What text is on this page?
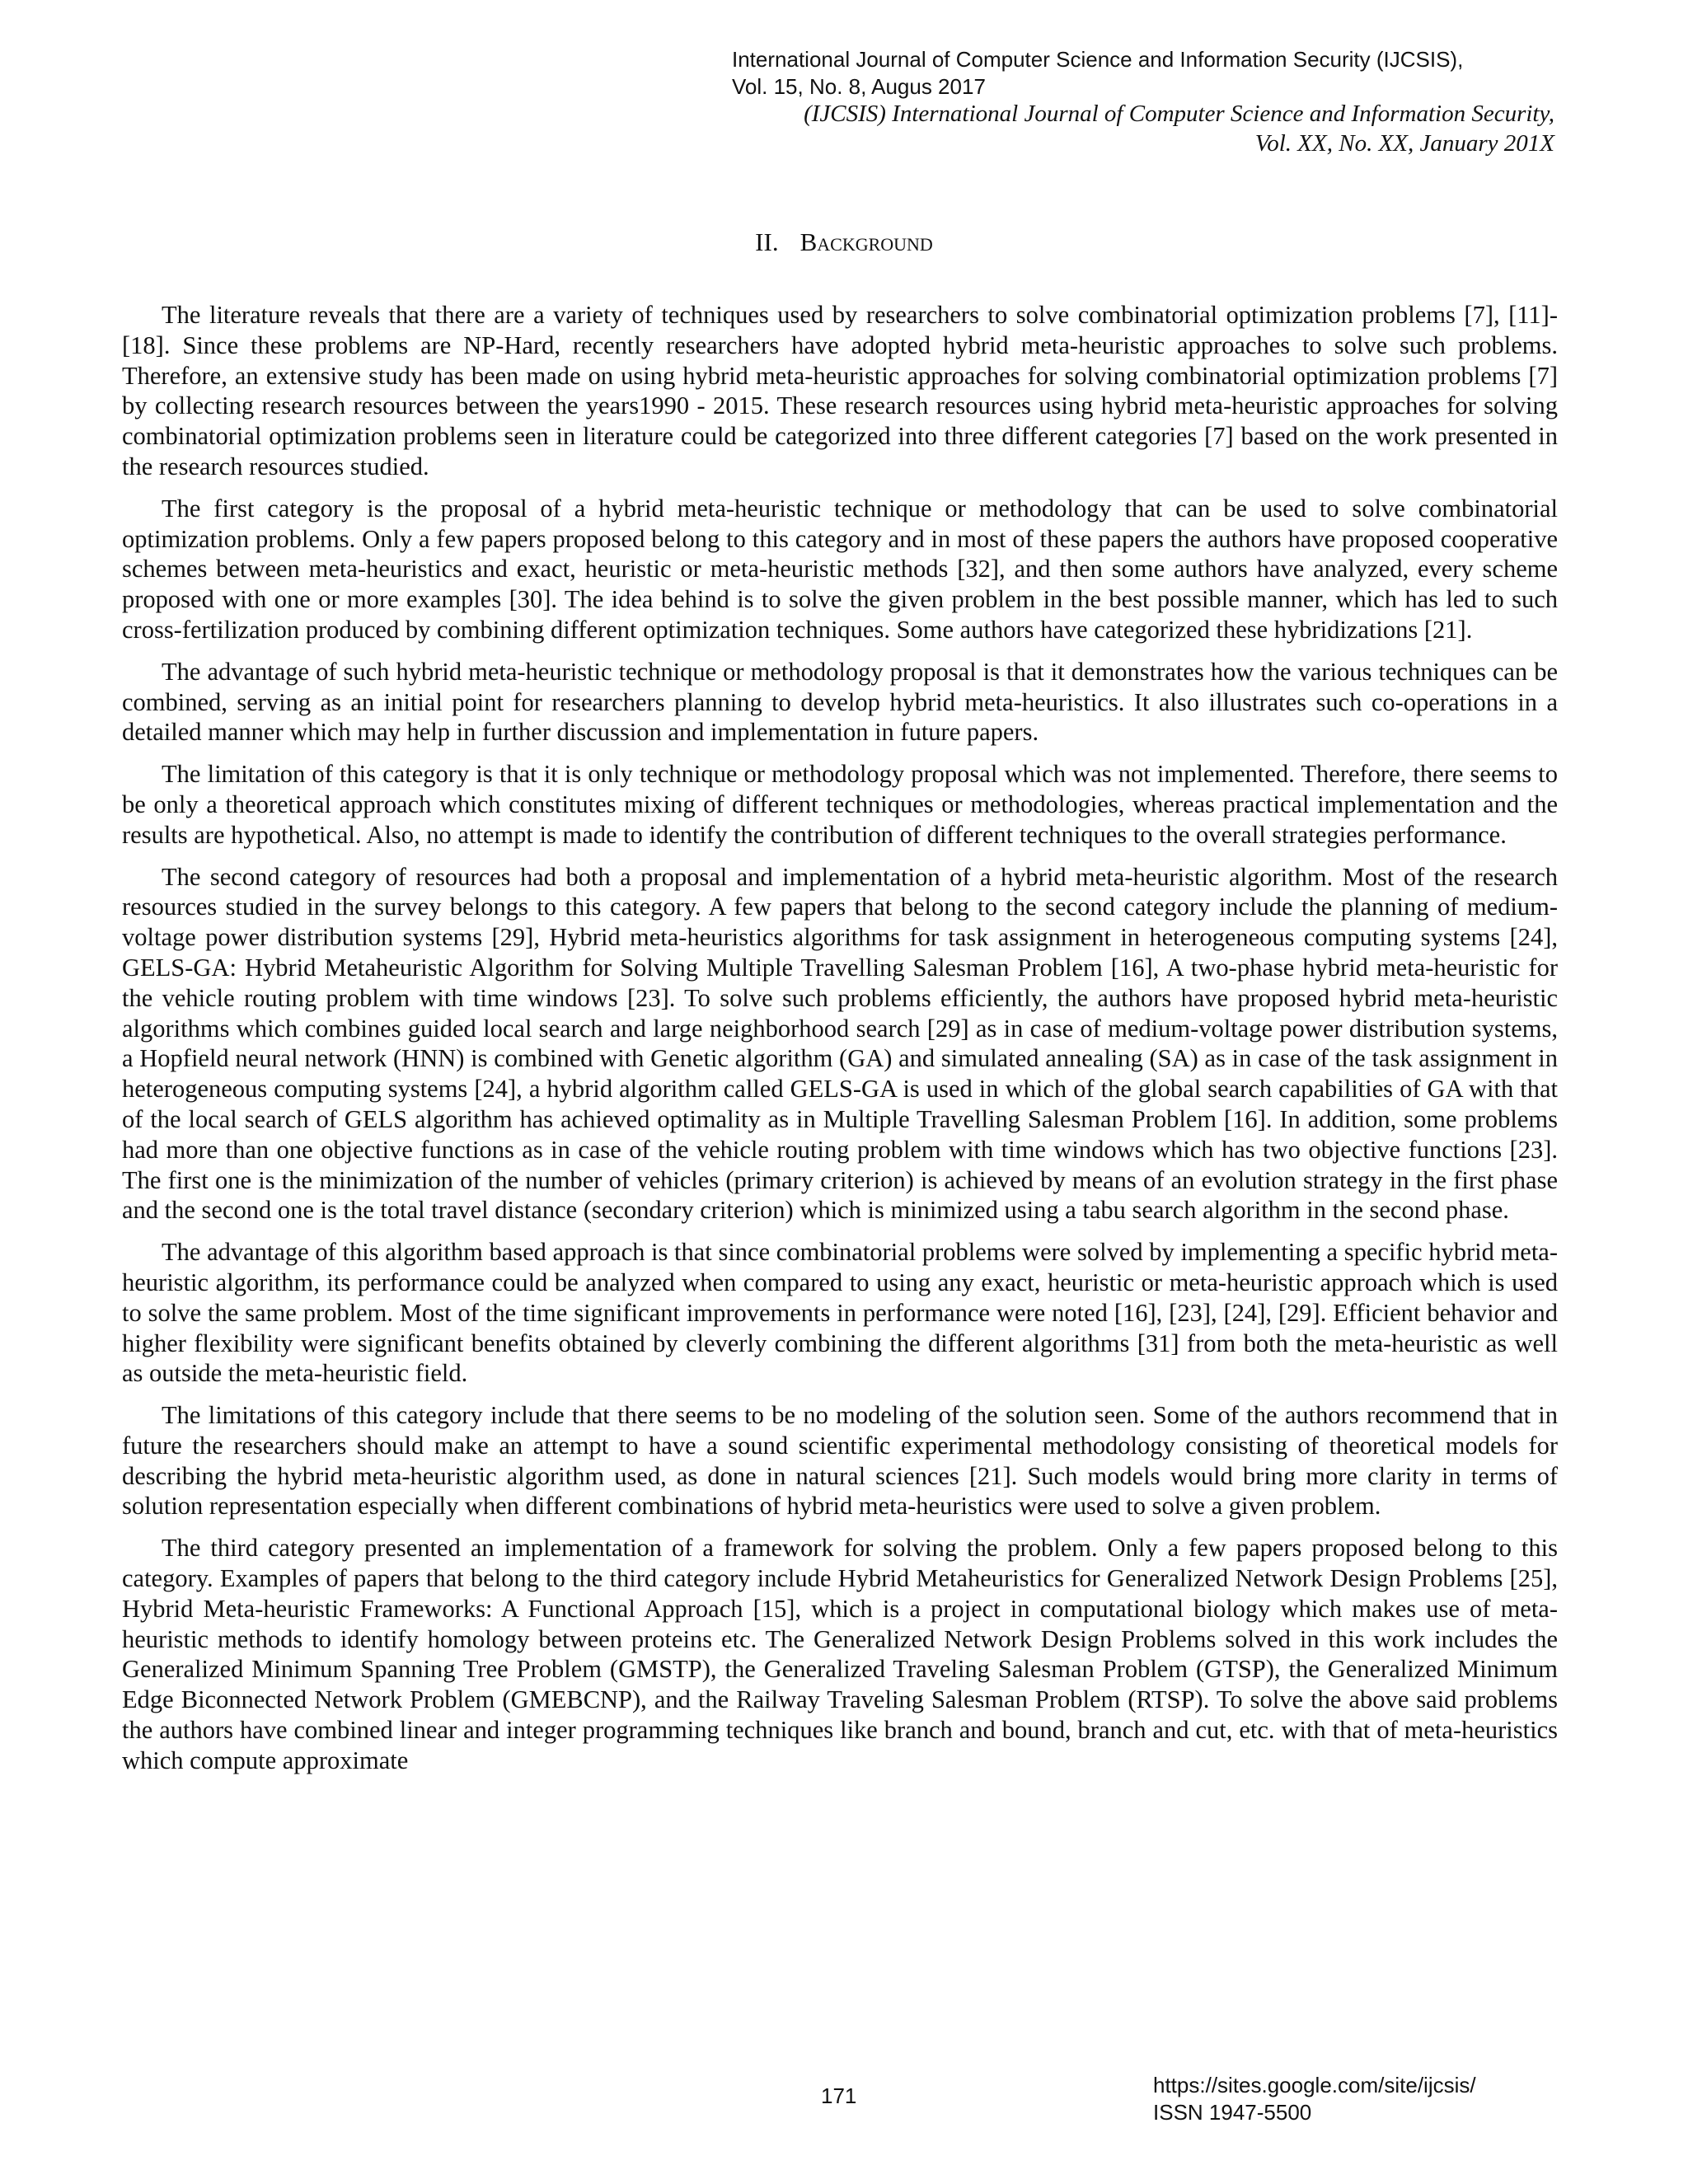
International Journal of Computer Science and Information Security (IJCSIS),
Vol. 15, No. 8, Augus 2017
(IJCSIS) International Journal of Computer Science and Information Security,
Vol. XX, No. XX, January 201X
II. Background

The literature reveals that there are a variety of techniques used by researchers to solve combinatorial optimization problems [7], [11]-[18]. Since these problems are NP-Hard, recently researchers have adopted hybrid meta-heuristic approaches to solve such problems. Therefore, an extensive study has been made on using hybrid meta-heuristic approaches for solving combinatorial optimization problems [7] by collecting research resources between the years1990 - 2015. These research resources using hybrid meta-heuristic approaches for solving combinatorial optimization problems seen in literature could be categorized into three different categories [7] based on the work presented in the research resources studied.

The first category is the proposal of a hybrid meta-heuristic technique or methodology that can be used to solve combinatorial optimization problems. Only a few papers proposed belong to this category and in most of these papers the authors have proposed cooperative schemes between meta-heuristics and exact, heuristic or meta-heuristic methods [32], and then some authors have analyzed, every scheme proposed with one or more examples [30]. The idea behind is to solve the given problem in the best possible manner, which has led to such cross-fertilization produced by combining different optimization techniques. Some authors have categorized these hybridizations [21].

The advantage of such hybrid meta-heuristic technique or methodology proposal is that it demonstrates how the various techniques can be combined, serving as an initial point for researchers planning to develop hybrid meta-heuristics. It also illustrates such co-operations in a detailed manner which may help in further discussion and implementation in future papers.

The limitation of this category is that it is only technique or methodology proposal which was not implemented. Therefore, there seems to be only a theoretical approach which constitutes mixing of different techniques or methodologies, whereas practical implementation and the results are hypothetical. Also, no attempt is made to identify the contribution of different techniques to the overall strategies performance.

The second category of resources had both a proposal and implementation of a hybrid meta-heuristic algorithm. Most of the research resources studied in the survey belongs to this category. A few papers that belong to the second category include the planning of medium-voltage power distribution systems [29], Hybrid meta-heuristics algorithms for task assignment in heterogeneous computing systems [24], GELS-GA: Hybrid Metaheuristic Algorithm for Solving Multiple Travelling Salesman Problem [16], A two-phase hybrid meta-heuristic for the vehicle routing problem with time windows [23]. To solve such problems efficiently, the authors have proposed hybrid meta-heuristic algorithms which combines guided local search and large neighborhood search [29] as in case of medium-voltage power distribution systems, a Hopfield neural network (HNN) is combined with Genetic algorithm (GA) and simulated annealing (SA) as in case of the task assignment in heterogeneous computing systems [24], a hybrid algorithm called GELS-GA is used in which of the global search capabilities of GA with that of the local search of GELS algorithm has achieved optimality as in Multiple Travelling Salesman Problem [16]. In addition, some problems had more than one objective functions as in case of the vehicle routing problem with time windows which has two objective functions [23]. The first one is the minimization of the number of vehicles (primary criterion) is achieved by means of an evolution strategy in the first phase and the second one is the total travel distance (secondary criterion) which is minimized using a tabu search algorithm in the second phase.

The advantage of this algorithm based approach is that since combinatorial problems were solved by implementing a specific hybrid meta-heuristic algorithm, its performance could be analyzed when compared to using any exact, heuristic or meta-heuristic approach which is used to solve the same problem. Most of the time significant improvements in performance were noted [16], [23], [24], [29]. Efficient behavior and higher flexibility were significant benefits obtained by cleverly combining the different algorithms [31] from both the meta-heuristic as well as outside the meta-heuristic field.

The limitations of this category include that there seems to be no modeling of the solution seen. Some of the authors recommend that in future the researchers should make an attempt to have a sound scientific experimental methodology consisting of theoretical models for describing the hybrid meta-heuristic algorithm used, as done in natural sciences [21]. Such models would bring more clarity in terms of solution representation especially when different combinations of hybrid meta-heuristics were used to solve a given problem.

The third category presented an implementation of a framework for solving the problem. Only a few papers proposed belong to this category. Examples of papers that belong to the third category include Hybrid Metaheuristics for Generalized Network Design Problems [25], Hybrid Meta-heuristic Frameworks: A Functional Approach [15], which is a project in computational biology which makes use of meta-heuristic methods to identify homology between proteins etc. The Generalized Network Design Problems solved in this work includes the Generalized Minimum Spanning Tree Problem (GMSTP), the Generalized Traveling Salesman Problem (GTSP), the Generalized Minimum Edge Biconnected Network Problem (GMEBCNP), and the Railway Traveling Salesman Problem (RTSP). To solve the above said problems the authors have combined linear and integer programming techniques like branch and bound, branch and cut, etc. with that of meta-heuristics which compute approximate

171	https://sites.google.com/site/ijcsis/
ISSN 1947-5500
